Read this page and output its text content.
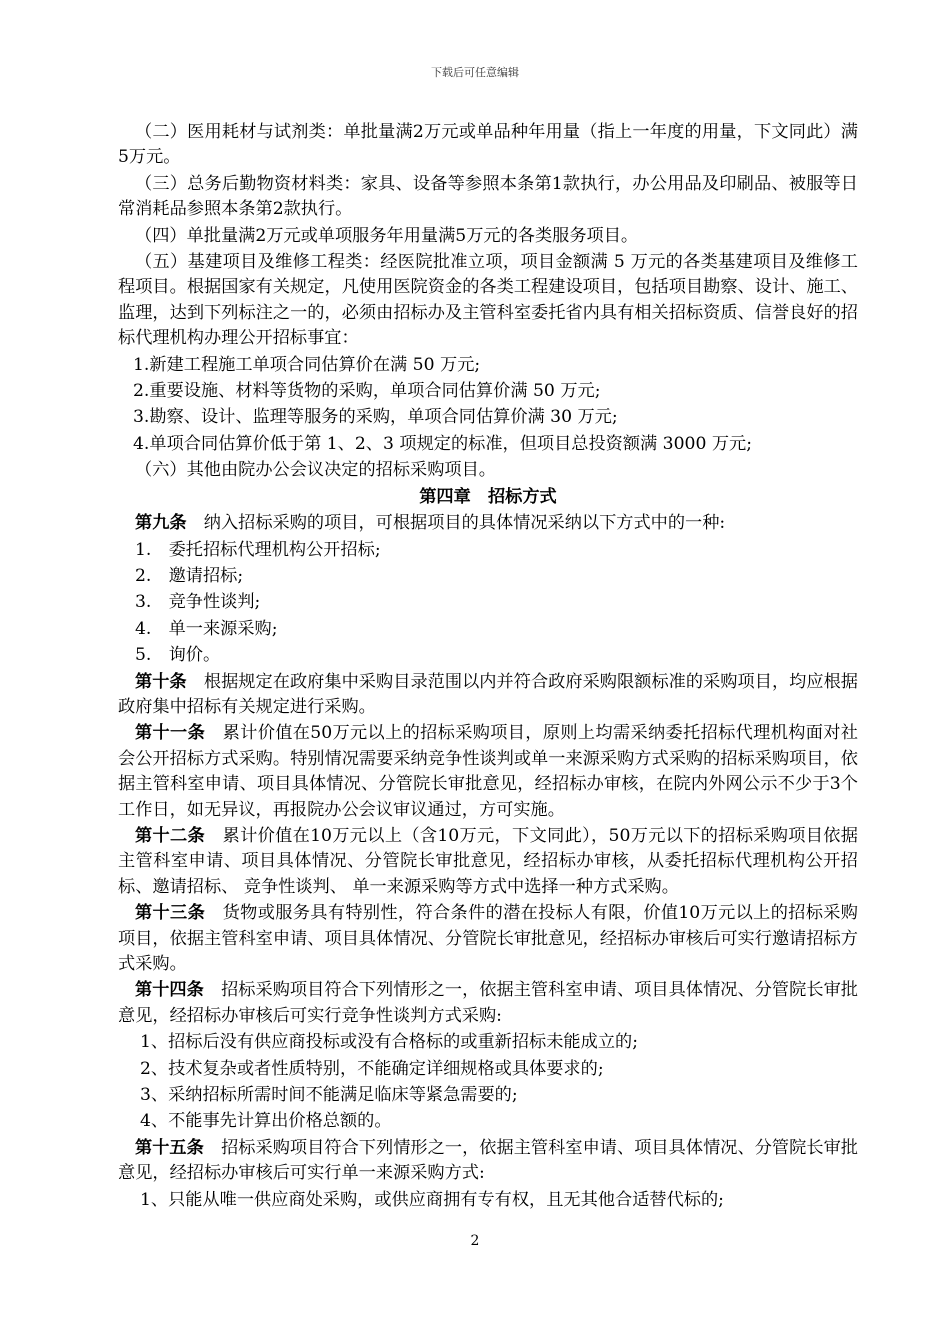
下载后可任意编辑

（二）医用耗材与试剂类：单批量满2万元或单品种年用量（指上一年度的用量，下文同此）满5万元。

（三）总务后勤物资材料类：家具、设备等参照本条第1款执行，办公用品及印刷品、被服等日常消耗品参照本条第2款执行。

（四）单批量满2万元或单项服务年用量满5万元的各类服务项目。

（五）基建项目及维修工程类：经医院批准立项，项目金额满 5 万元的各类基建项目及维修工程项目。根据国家有关规定，凡使用医院资金的各类工程建设项目，包括项目勘察、设计、施工、监理，达到下列标注之一的，必须由招标办及主管科室委托省内具有相关招标资质、信誉良好的招标代理机构办理公开招标事宜：

1.新建工程施工单项合同估算价在满 50 万元;

2.重要设施、材料等货物的采购，单项合同估算价满 50 万元;

3.勘察、设计、监理等服务的采购，单项合同估算价满 30 万元;

4.单项合同估算价低于第 1、2、3 项规定的标准，但项目总投资额满 3000 万元;

（六）其他由院办公会议决定的招标采购项目。

第四章　招标方式

第九条　纳入招标采购的项目，可根据项目的具体情况采纳以下方式中的一种:

1.　委托招标代理机构公开招标;

2.　邀请招标;

3.　竞争性谈判;

4.　单一来源采购;

5.　询价。

第十条　根据规定在政府集中采购目录范围以内并符合政府采购限额标准的采购项目，均应根据政府集中招标有关规定进行采购。

第十一条　累计价值在50万元以上的招标采购项目，原则上均需采纳委托招标代理机构面对社会公开招标方式采购。特别情况需要采纳竞争性谈判或单一来源采购方式采购的招标采购项目，依据主管科室申请、项目具体情况、分管院长审批意见，经招标办审核，在院内外网公示不少于3个工作日，如无异议，再报院办公会议审议通过，方可实施。

第十二条　累计价值在10万元以上（含10万元，下文同此），50万元以下的招标采购项目依据主管科室申请、项目具体情况、分管院长审批意见，经招标办审核，从委托招标代理机构公开招标、邀请招标、 竞争性谈判、 单一来源采购等方式中选择一种方式采购。

第十三条　货物或服务具有特别性，符合条件的潜在投标人有限，价值10万元以上的招标采购项目，依据主管科室申请、项目具体情况、分管院长审批意见，经招标办审核后可实行邀请招标方式采购。

第十四条　招标采购项目符合下列情形之一，依据主管科室申请、项目具体情况、分管院长审批意见，经招标办审核后可实行竞争性谈判方式采购:

1、招标后没有供应商投标或没有合格标的或重新招标未能成立的;

2、技术复杂或者性质特别，不能确定详细规格或具体要求的;

3、采纳招标所需时间不能满足临床等紧急需要的;

4、不能事先计算出价格总额的。

第十五条　招标采购项目符合下列情形之一，依据主管科室申请、项目具体情况、分管院长审批意见，经招标办审核后可实行单一来源采购方式:

1、只能从唯一供应商处采购，或供应商拥有专有权，且无其他合适替代标的;

2
